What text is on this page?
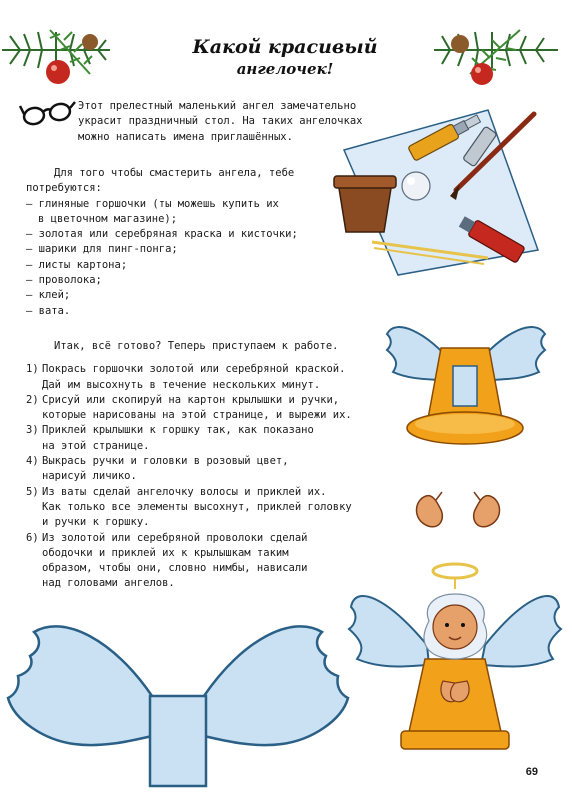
Какой красивый
ангелочек!
Этот прелестный маленький ангел замечательно
украсит праздничный стол. На таких ангелочках
можно написать имена приглашённых.
Для того чтобы смастерить ангела, тебе
потребуются:
– глиняные горшочки (ты можешь купить их
в цветочном магазине);
– золотая или серебряная краска и кисточки;
– шарики для пинг-понга;
– листы картона;
– проволока;
– клей;
– вата.
Итак, всё готово? Теперь приступаем к работе.
1) Покрась горшочки золотой или серебряной краской.
Дай им высохнуть в течение нескольких минут.
2) Срисуй или скопируй на картон крылышки и ручки,
которые нарисованы на этой странице, и вырежи их.
3) Приклей крылышки к горшку так, как показано
на этой странице.
4) Выкрась ручки и головки в розовый цвет,
нарисуй личико.
5) Из ваты сделай ангелочку волосы и приклей их.
Как только все элементы высохнут, приклей головку
и ручки к горшку.
6) Из золотой или серебряной проволоки сделай
ободочки и приклей их к крылышкам таким
образом, чтобы они, словно нимбы, нависали
над головами ангелов.
69
